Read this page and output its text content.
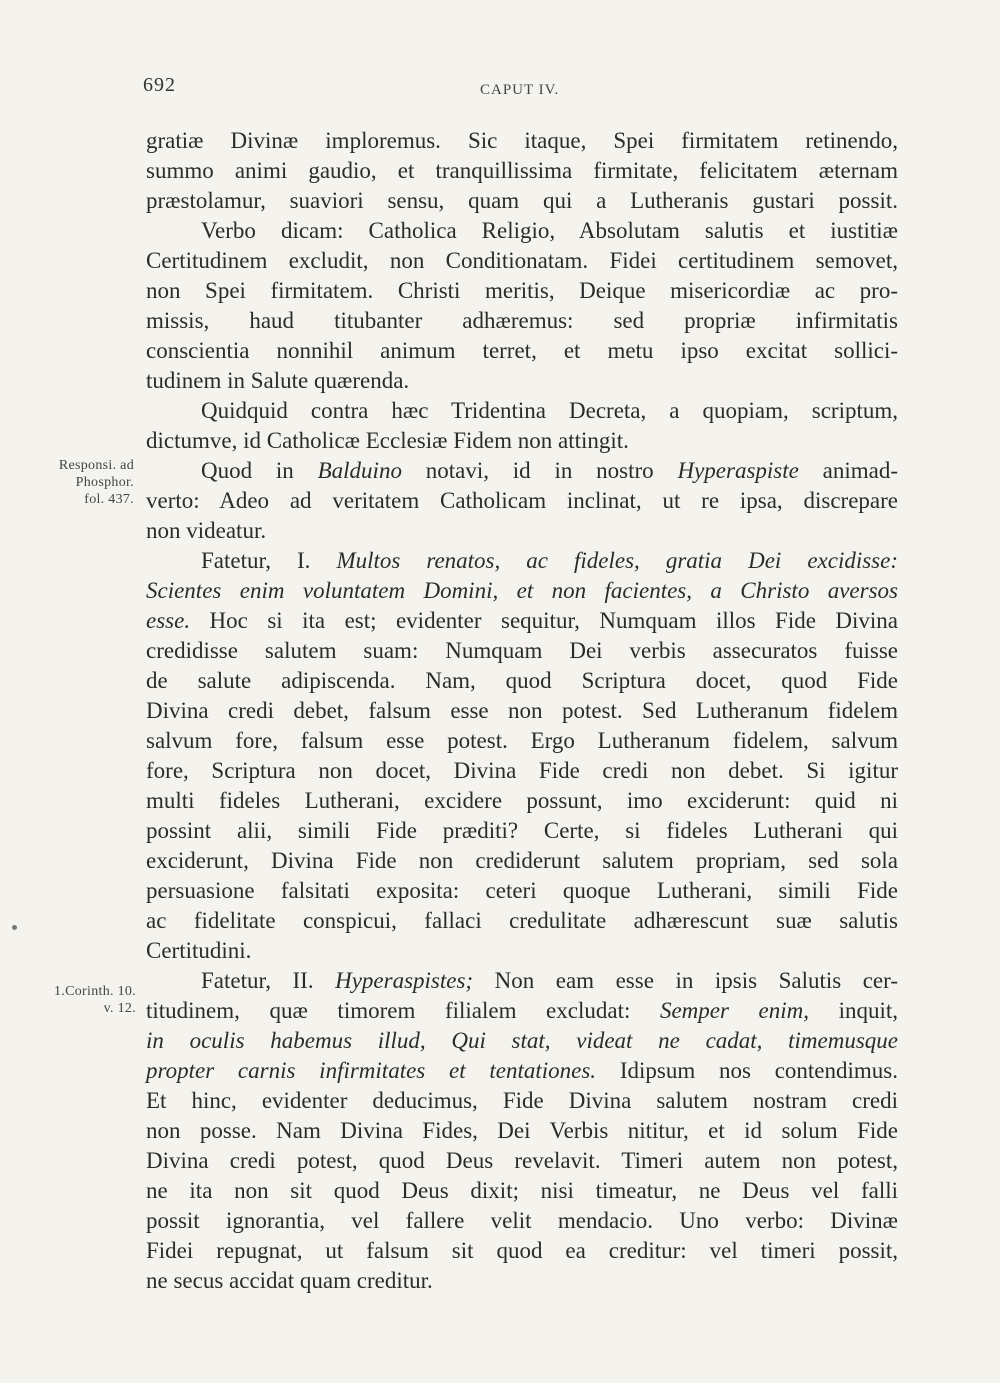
692	CAPUT IV.
Responsi. ad
Phosphor.
fol. 437.
1.Corinth. 10.
v. 12.
gratiæ Divinæ imploremus. Sic itaque, Spei firmitatem retinendo,
summo animi gaudio, et tranquillissima firmitate, felicitatem æternam
præstolamur, suaviori sensu, quam qui a Lutheranis gustari possit.
Verbo dicam: Catholica Religio, Absolutam salutis et iustitiæ
Certitudinem excludit, non Conditionatam. Fidei certitudinem semovet,
non Spei firmitatem. Christi meritis, Deique misericordiæ ac pro-
missis, haud titubanter adhæremus: sed propriæ infirmitatis
conscientia nonnihil animum terret, et metu ipso excitat sollici-
tudinem in Salute quærenda.
Quidquid contra hæc Tridentina Decreta, a quopiam, scriptum,
dictumve, id Catholicæ Ecclesiæ Fidem non attingit.
Quod in Balduino notavi, id in nostro Hyperaspiste animad-
verto: Adeo ad veritatem Catholicam inclinat, ut re ipsa, discrepare
non videatur.
Fatetur, I. Multos renatos, ac fideles, gratia Dei excidisse:
Scientes enim voluntatem Domini, et non facientes, a Christo aversos
esse. Hoc si ita est; evidenter sequitur, Numquam illos Fide Divina
credidisse salutem suam: Numquam Dei verbis assecuratos fuisse
de salute adipiscenda. Nam, quod Scriptura docet, quod Fide
Divina credi debet, falsum esse non potest. Sed Lutheranum fidelem
salvum fore, falsum esse potest. Ergo Lutheranum fidelem, salvum
fore, Scriptura non docet, Divina Fide credi non debet. Si igitur
multi fideles Lutherani, excidere possunt, imo exciderunt: quid ni
possint alii, simili Fide præditi? Certe, si fideles Lutherani qui
exciderunt, Divina Fide non crediderunt salutem propriam, sed sola
persuasione falsitati exposita: ceteri quoque Lutherani, simili Fide
ac fidelitate conspicui, fallaci credulitate adhærescunt suæ salutis
Certitudini.
Fatetur, II. Hyperaspistes; Non eam esse in ipsis Salutis cer-
titudinem, quæ timorem filialem excludat: Semper enim, inquit,
in oculis habemus illud, Qui stat, videat ne cadat, timemusque
propter carnis infirmitates et tentationes. Idipsum nos contendimus.
Et hinc, evidenter deducimus, Fide Divina salutem nostram credi
non posse. Nam Divina Fides, Dei Verbis nititur, et id solum Fide
Divina credi potest, quod Deus revelavit. Timeri autem non potest,
ne ita non sit quod Deus dixit; nisi timeatur, ne Deus vel falli
possit ignorantia, vel fallere velit mendacio. Uno verbo: Divinæ
Fidei repugnat, ut falsum sit quod ea creditur: vel timeri possit,
ne secus accidat quam creditur.
